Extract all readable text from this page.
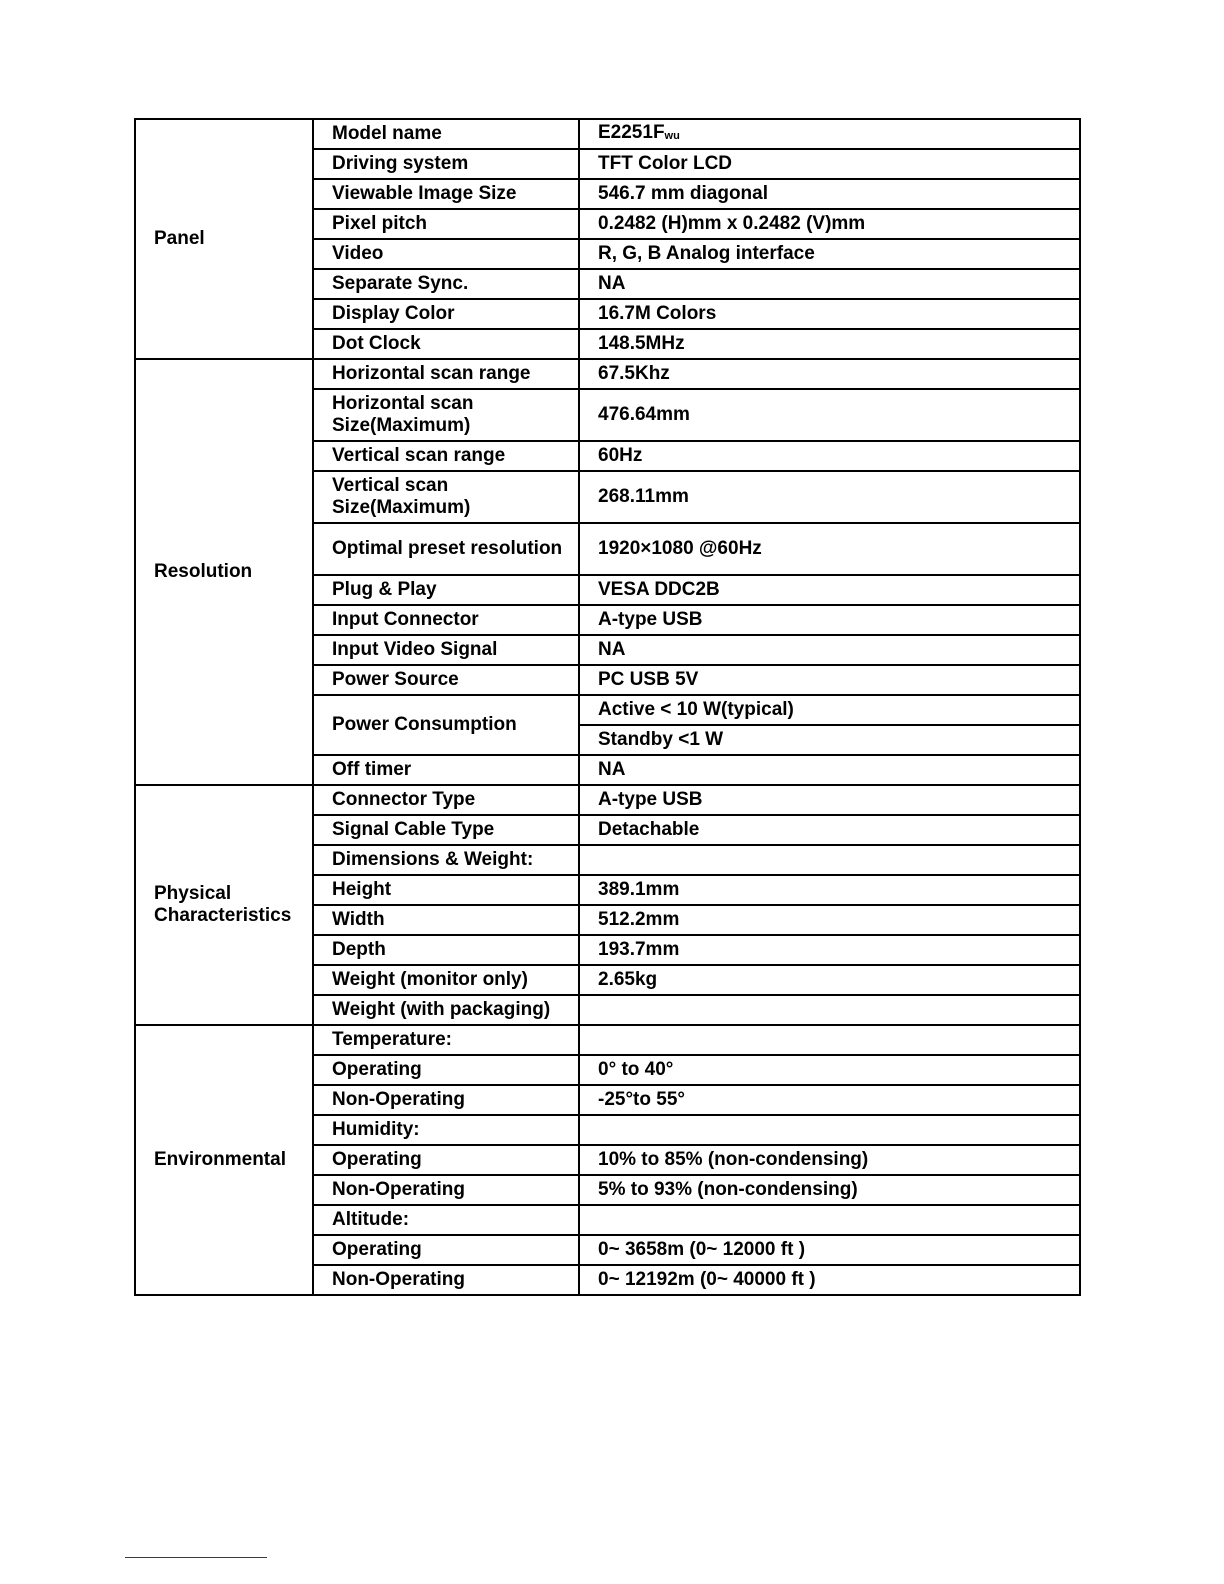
Panel	Model name	E2251Fwu
	Driving system	TFT Color LCD
	Viewable Image Size	546.7 mm diagonal
	Pixel pitch	0.2482 (H)mm x 0.2482 (V)mm
	Video	R, G, B Analog interface
	Separate Sync.	NA
	Display Color	16.7M Colors
	Dot Clock	148.5MHz
Resolution	Horizontal scan range	67.5Khz
	Horizontal scan Size(Maximum)	476.64mm
	Vertical scan range	60Hz
	Vertical scan Size(Maximum)	268.11mm
	Optimal preset resolution	1920×1080 @60Hz
	Plug & Play	VESA DDC2B
	Input Connector	A-type USB
	Input Video Signal	NA
	Power Source	PC USB 5V
	Power Consumption	Active < 10 W(typical)
		Standby <1 W
	Off timer	NA
Physical Characteristics	Connector Type	A-type USB
	Signal Cable Type	Detachable
	Dimensions & Weight:	
	Height	389.1mm
	Width	512.2mm
	Depth	193.7mm
	Weight (monitor only)	2.65kg
	Weight (with packaging)	
Environmental	Temperature:	
	Operating	0° to 40°
	Non-Operating	-25°to 55°
	Humidity:	
	Operating	10% to 85% (non-condensing)
	Non-Operating	5% to 93% (non-condensing)
	Altitude:	
	Operating	0~ 3658m (0~ 12000 ft )
	Non-Operating	0~ 12192m (0~ 40000 ft )
